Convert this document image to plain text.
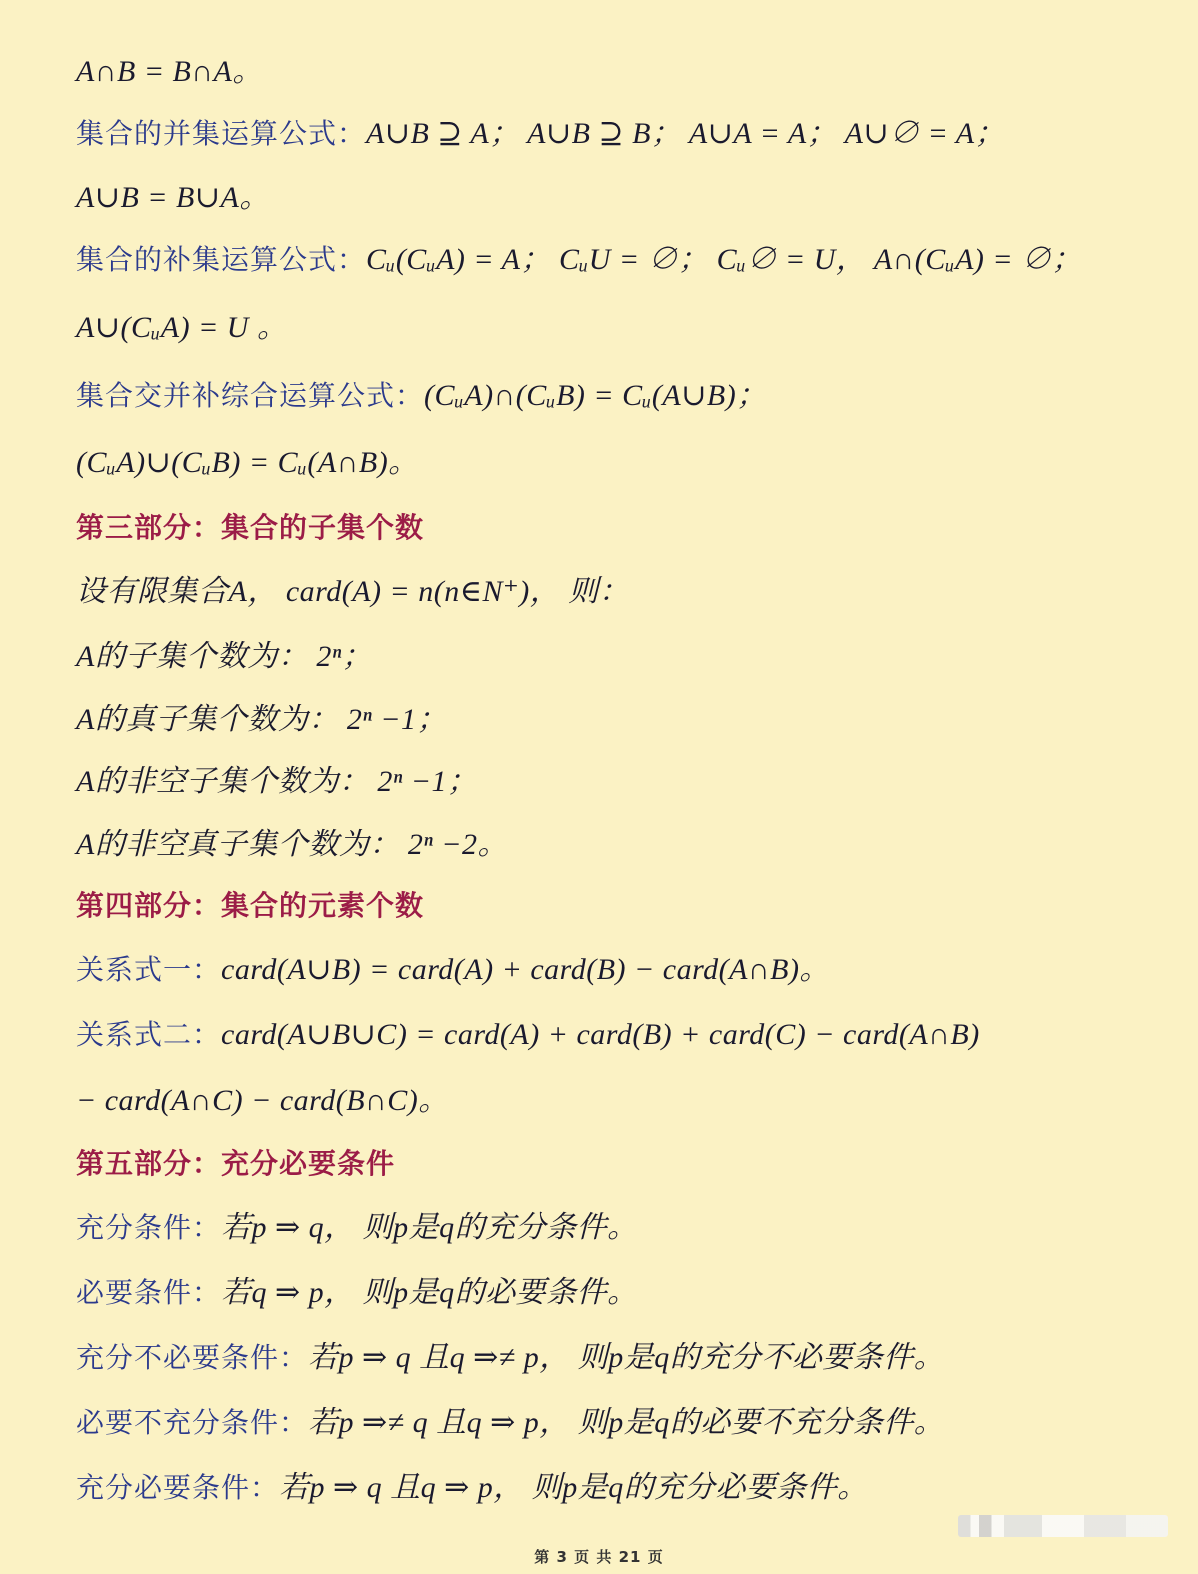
A∩B = B∩A。
集合的并集运算公式：A∪B ⊇ A； A∪B ⊇ B； A∪A = A； A∪∅ = A；
A∪B = B∪A。
集合的补集运算公式：Cᵤ(CᵤA) = A； CᵤU = ∅； Cᵤ∅ = U， A∩(CᵤA) = ∅；
A∪(CᵤA) = U 。
集合交并补综合运算公式：(CᵤA)∩(CᵤB) = Cᵤ(A∪B)；
(CᵤA)∪(CᵤB) = Cᵤ(A∩B)。
第三部分：集合的子集个数
设有限集合A， card(A) = n(n∈N⁺)， 则：
A的子集个数为： 2ⁿ；
A的真子集个数为： 2ⁿ −1；
A的非空子集个数为： 2ⁿ −1；
A的非空真子集个数为： 2ⁿ −2。
第四部分：集合的元素个数
关系式一：card(A∪B) = card(A) + card(B) − card(A∩B)。
关系式二：card(A∪B∪C) = card(A) + card(B) + card(C) − card(A∩B)
− card(A∩C) − card(B∩C)。
第五部分：充分必要条件
充分条件：若p ⇒ q， 则p是q的充分条件。
必要条件：若q ⇒ p， 则p是q的必要条件。
充分不必要条件：若p ⇒ q 且q ⇒≠ p， 则p是q的充分不必要条件。
必要不充分条件：若p ⇒≠ q 且q ⇒ p， 则p是q的必要不充分条件。
充分必要条件：若p ⇒ q 且q ⇒ p， 则p是q的充分必要条件。
第 3 页 共 21 页
